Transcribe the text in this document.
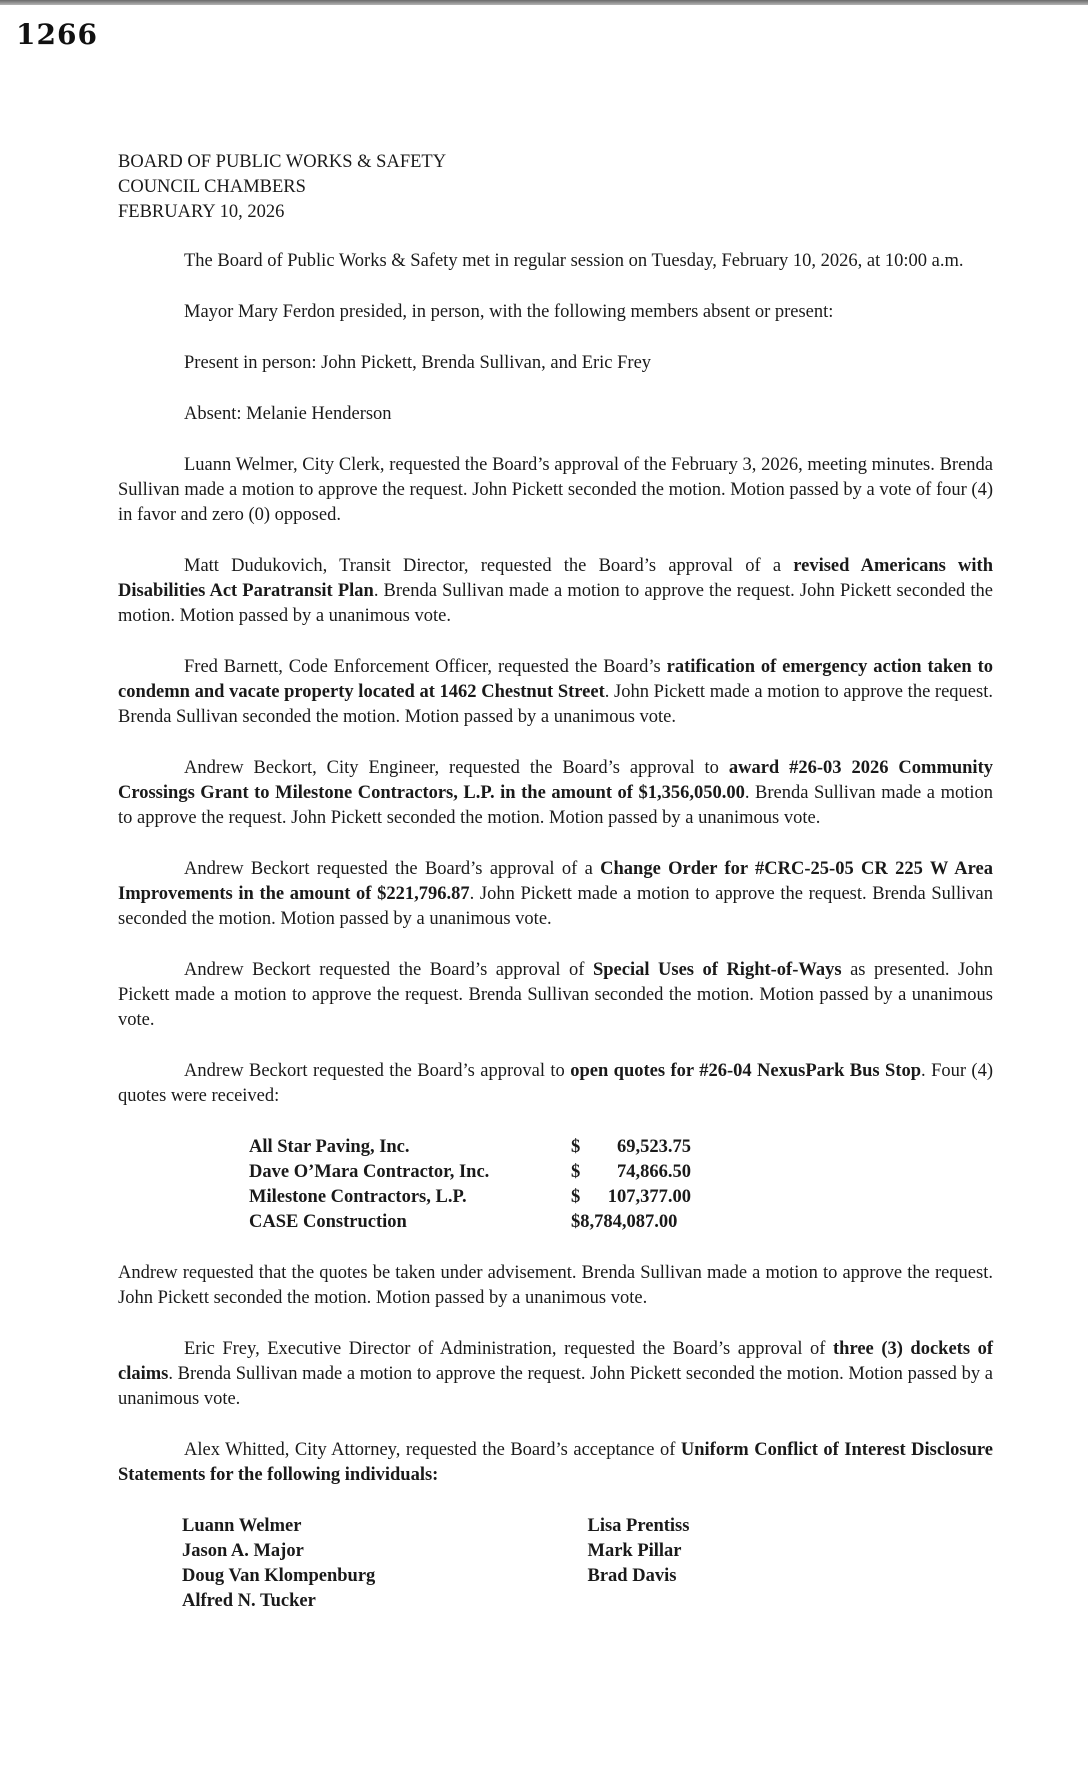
1266

BOARD OF PUBLIC WORKS & SAFETY

COUNCIL CHAMBERS

FEBRUARY 10, 2026

The Board of Public Works & Safety met in regular session on Tuesday, February 10, 2026, at 10:00 a.m.

Mayor Mary Ferdon presided, in person, with the following members absent or present:

Present in person: John Pickett, Brenda Sullivan, and Eric Frey

Absent: Melanie Henderson

Luann Welmer, City Clerk, requested the Board’s approval of the February 3, 2026, meeting minutes. Brenda Sullivan made a motion to approve the request. John Pickett seconded the motion. Motion passed by a vote of four (4) in favor and zero (0) opposed.

Matt Dudukovich, Transit Director, requested the Board’s approval of a revised Americans with Disabilities Act Paratransit Plan. Brenda Sullivan made a motion to approve the request. John Pickett seconded the motion. Motion passed by a unanimous vote.

Fred Barnett, Code Enforcement Officer, requested the Board’s ratification of emergency action taken to condemn and vacate property located at 1462 Chestnut Street. John Pickett made a motion to approve the request. Brenda Sullivan seconded the motion. Motion passed by a unanimous vote.

Andrew Beckort, City Engineer, requested the Board’s approval to award #26-03 2026 Community Crossings Grant to Milestone Contractors, L.P. in the amount of $1,356,050.00. Brenda Sullivan made a motion to approve the request. John Pickett seconded the motion. Motion passed by a unanimous vote.

Andrew Beckort requested the Board’s approval of a Change Order for #CRC-25-05 CR 225 W Area Improvements in the amount of $221,796.87. John Pickett made a motion to approve the request. Brenda Sullivan seconded the motion. Motion passed by a unanimous vote.

Andrew Beckort requested the Board’s approval of Special Uses of Right-of-Ways as presented. John Pickett made a motion to approve the request. Brenda Sullivan seconded the motion. Motion passed by a unanimous vote.

Andrew Beckort requested the Board’s approval to open quotes for #26-04 NexusPark Bus Stop. Four (4) quotes were received:

All Star Paving, Inc.	$	69,523.75
Dave O’Mara Contractor, Inc.	$	74,866.50
Milestone Contractors, L.P.	$	107,377.00
CASE Construction	$8,784,087.00	

Andrew requested that the quotes be taken under advisement. Brenda Sullivan made a motion to approve the request. John Pickett seconded the motion. Motion passed by a unanimous vote.

Eric Frey, Executive Director of Administration, requested the Board’s approval of three (3) dockets of claims. Brenda Sullivan made a motion to approve the request. John Pickett seconded the motion. Motion passed by a unanimous vote.

Alex Whitted, City Attorney, requested the Board’s acceptance of Uniform Conflict of Interest Disclosure Statements for the following individuals:

Luann Welmer
Jason A. Major
Doug Van Klompenburg
Alfred N. Tucker
Lisa Prentiss
Mark Pillar
Brad Davis
